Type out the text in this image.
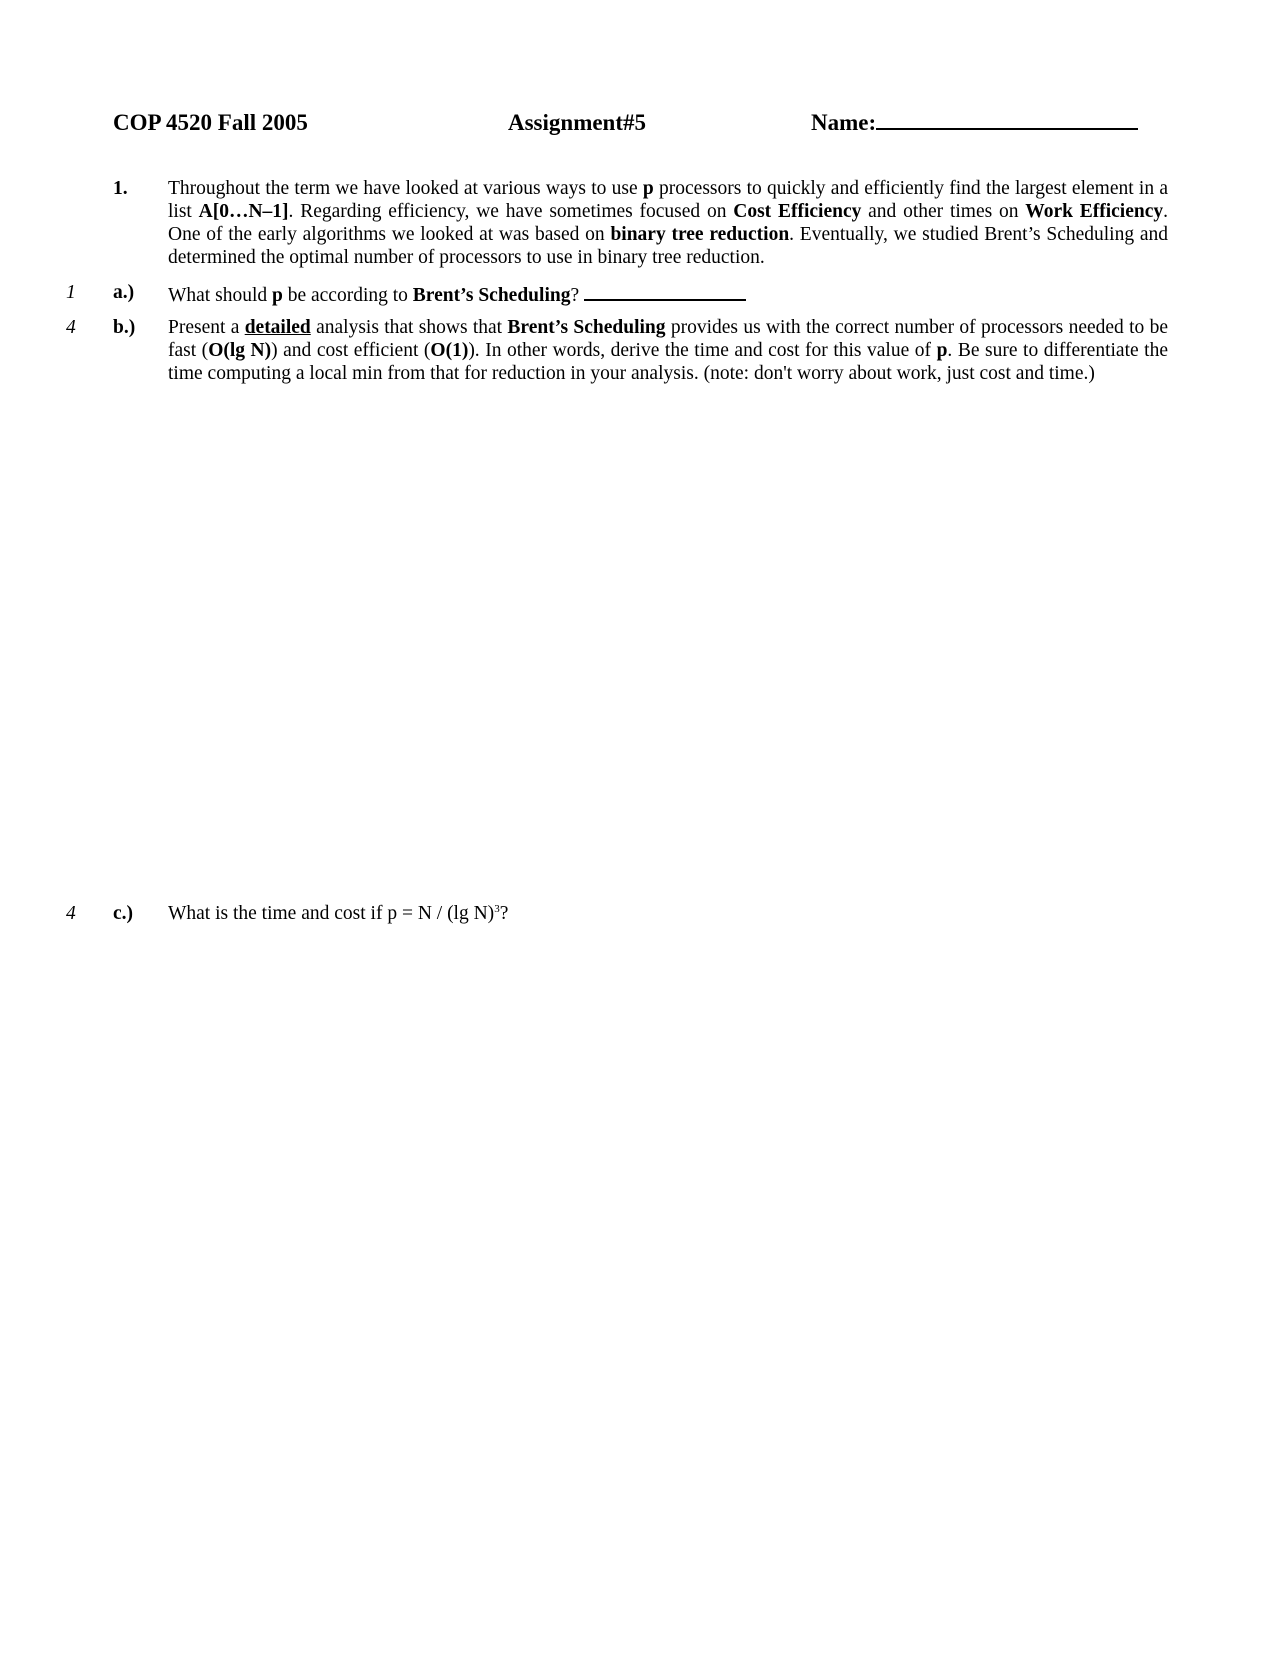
COP 4520 Fall 2005	Assignment#5	Name:
1.	Throughout the term we have looked at various ways to use p processors to quickly and efficiently find the largest element in a list A[0…N–1]. Regarding efficiency, we have sometimes focused on Cost Efficiency and other times on Work Efficiency. One of the early algorithms we looked at was based on binary tree reduction. Eventually, we studied Brent’s Scheduling and determined the optimal number of processors to use in binary tree reduction.
1	a.)	What should p be according to Brent’s Scheduling?
4	b.)	Present a detailed analysis that shows that Brent’s Scheduling provides us with the correct number of processors needed to be fast (O(lg N)) and cost efficient (O(1)). In other words, derive the time and cost for this value of p. Be sure to differentiate the time computing a local min from that for reduction in your analysis. (note: don't worry about work, just cost and time.)
4	c.)	What is the time and cost if p = N / (lg N)$^3$?
